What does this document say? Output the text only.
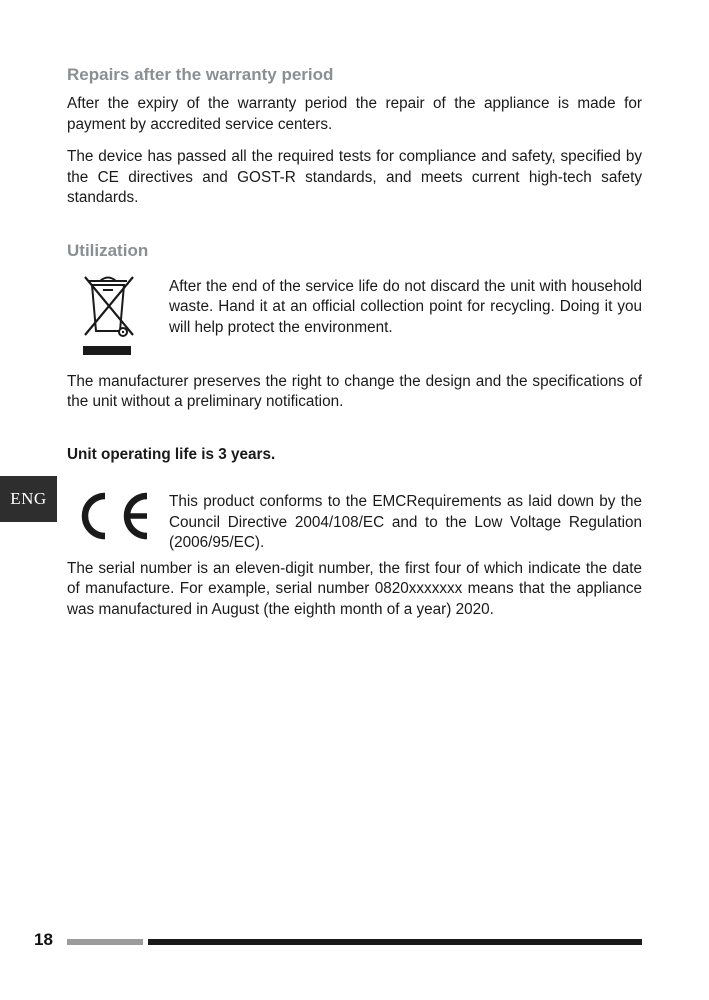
Repairs after the warranty period

After the expiry of the warranty period the repair of the appliance is made for payment by accredited service centers.

The device has passed all the required tests for compliance and safety, specified by the CE directives and GOST-R standards, and meets current high-tech safety standards.

Utilization

After the end of the service life do not discard the unit with household waste. Hand it at an official collection point for recycling. Doing it you will help protect the environment.

The manufacturer preserves the right to change the design and the specifications of the unit without a preliminary notification.

Unit operating life is 3 years.

This product conforms to the EMCRequirements as laid down by the Council Directive 2004/108/EC and to the Low Voltage Regulation (2006/95/EC).

The serial number is an eleven-digit number, the first four of which indicate the date of manufacture. For example, serial number 0820xxxxxxx means that the appliance was manufactured in August (the eighth month of a year) 2020.

ENG
18
